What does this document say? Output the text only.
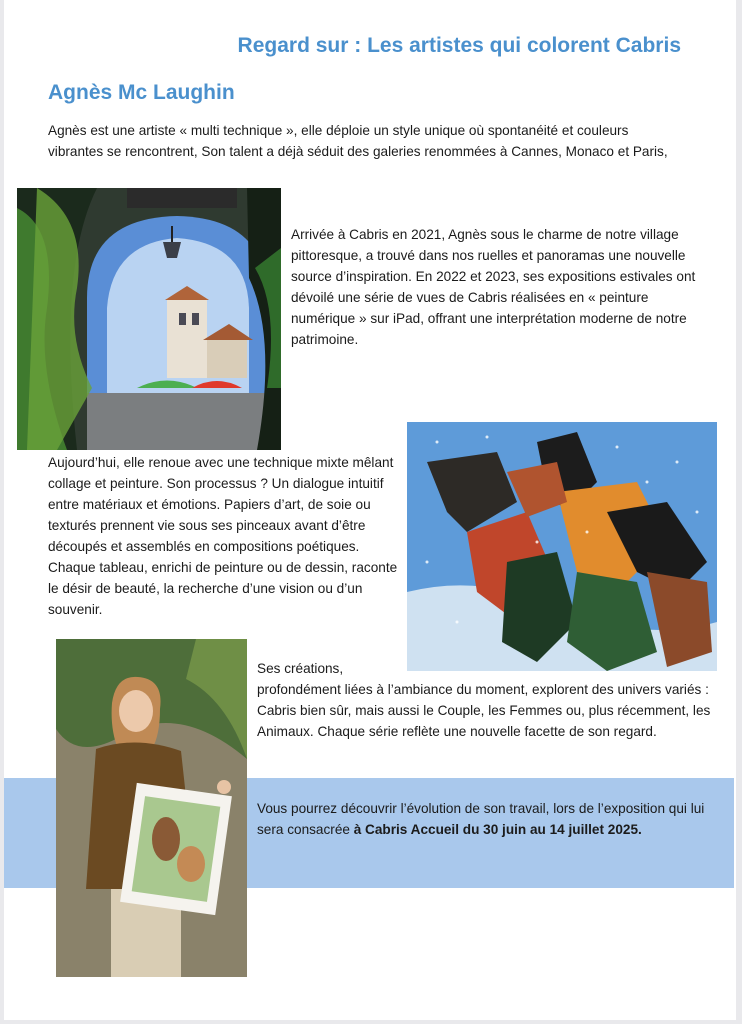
Regard sur : Les artistes qui colorent Cabris
Agnès Mc Laughin

Agnès est une artiste « multi technique », elle déploie un style unique où spontanéité et couleurs vibrantes se rencontrent, Son talent a déjà séduit des galeries renommées à Cannes, Monaco et Paris,

Arrivée à Cabris en 2021, Agnès sous le charme de notre village pittoresque, a trouvé dans nos ruelles et panoramas une nouvelle source d’inspiration. En 2022 et 2023, ses expositions estivales ont dévoilé une série de vues de Cabris réalisées en « peinture numérique » sur iPad, offrant une interprétation moderne de notre patrimoine.

Aujourd’hui, elle renoue avec une technique mixte mêlant collage et peinture. Son processus ? Un dialogue intuitif entre matériaux et émotions. Papiers d’art, de soie ou texturés prennent vie sous ses pinceaux avant d’être découpés et assemblés en compositions poétiques. Chaque tableau, enrichi de peinture ou de dessin, raconte le désir de beauté, la recherche d’une vision ou d’un souvenir.

Ses créations,

profondément liées à l’ambiance du moment, explorent des univers variés : Cabris bien sûr, mais aussi le Couple, les Femmes ou, plus récemment, les Animaux. Chaque série reflète une nouvelle facette de son regard.

Vous pourrez découvrir l’évolution de son travail, lors de l’exposition qui lui sera consacrée à Cabris Accueil du 30 juin au 14 juillet 2025.
